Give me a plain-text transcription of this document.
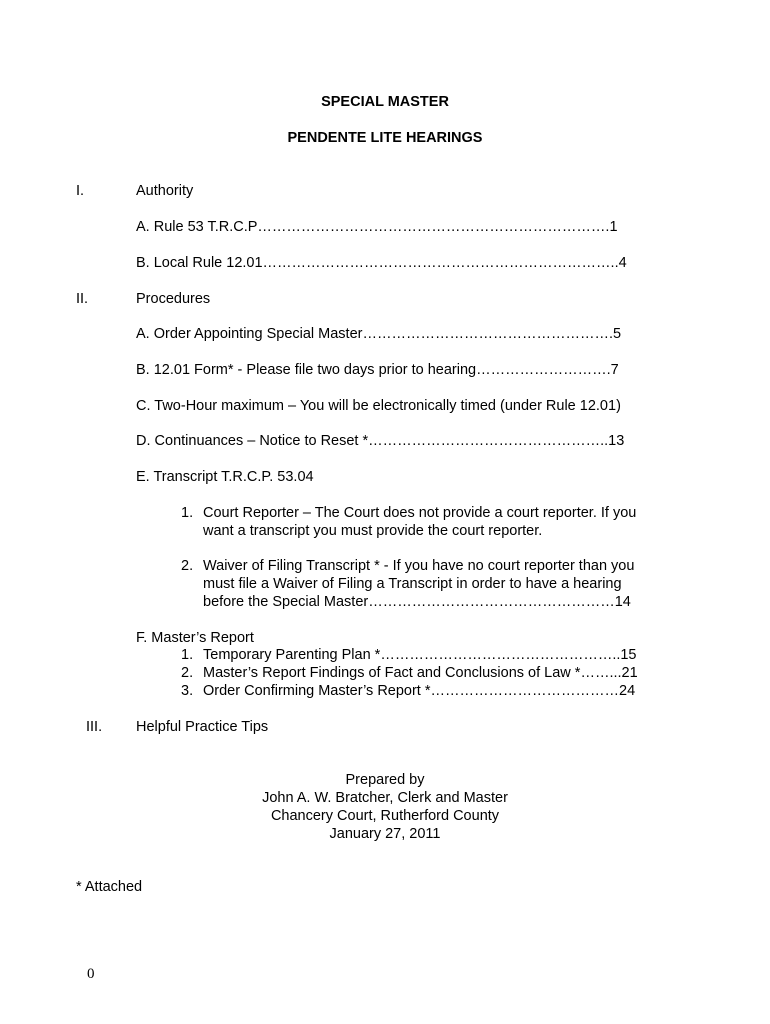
SPECIAL MASTER
PENDENTE LITE HEARINGS
I.	Authority
A. Rule 53 T.R.C.P……………………………………………………………….1
B. Local Rule 12.01………………………………………………………………..4
II.	Procedures
A. Order Appointing Special Master…………………………………………….5
B. 12.01 Form* - Please file two days prior to hearing……………………….7
C. Two-Hour maximum – You will be electronically timed (under Rule 12.01)
D. Continuances – Notice to Reset *…………………………………………..13
E. Transcript T.R.C.P. 53.04
1. Court Reporter – The Court does not provide a court reporter. If you want a transcript you must provide the court reporter.
2. Waiver of Filing Transcript * - If you have no court reporter than you must file a Waiver of Filing a Transcript in order to have a hearing before the Special Master……………………………………………14
F. Master’s Report
1. Temporary Parenting Plan *…………………………………………..15
2. Master’s Report Findings of Fact and Conclusions of Law *……...21
3. Order Confirming Master’s Report *…………………………………24
III.	Helpful Practice Tips
Prepared by
John A. W. Bratcher, Clerk and Master
Chancery Court, Rutherford County
January 27, 2011
* Attached
0
